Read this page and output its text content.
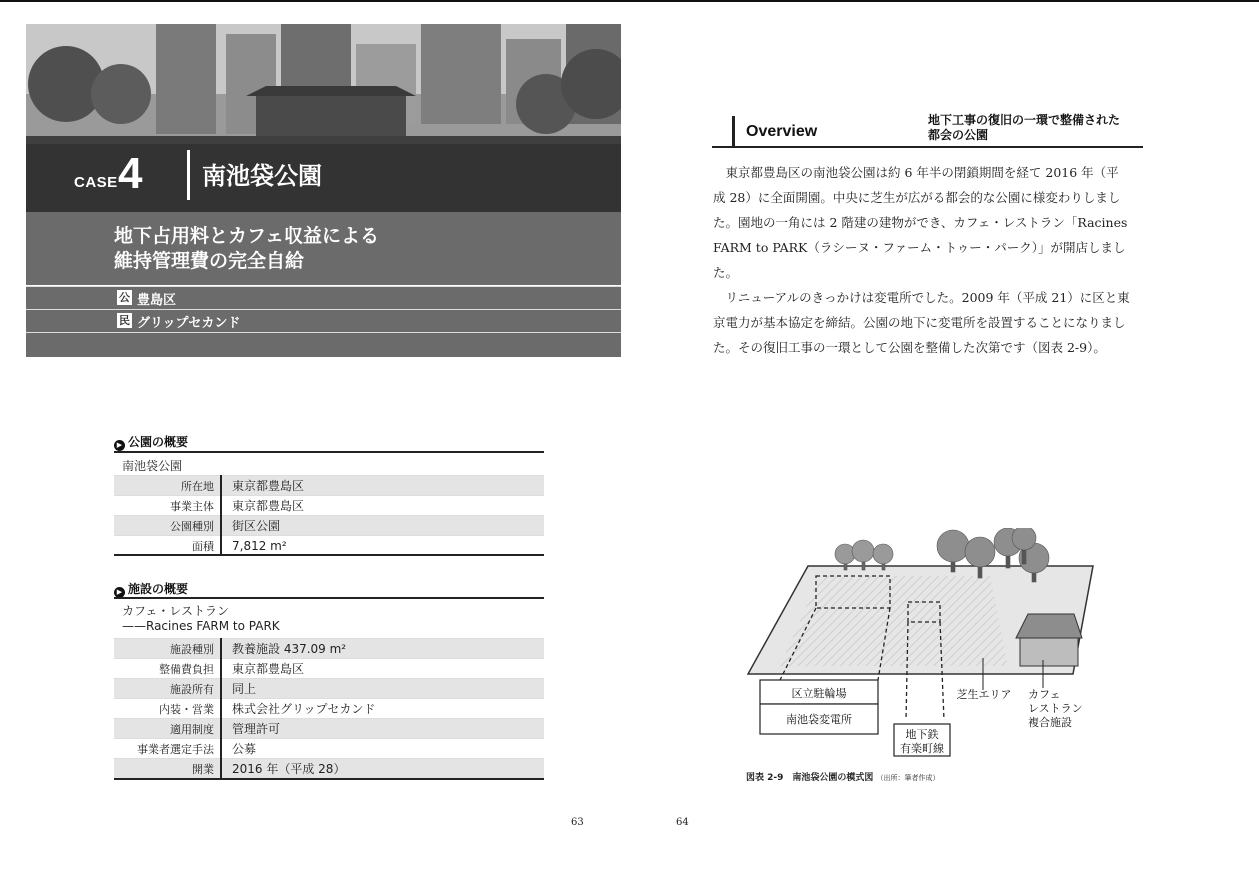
CASE 4 南池袋公園
地下占用料とカフェ収益による
維持管理費の完全自給
公 豊島区
民 グリップセカンド
▶ 公園の概要
南池袋公園
所在地	東京都豊島区
事業主体	東京都豊島区
公園種別	街区公園
面積	7,812 m²
▶ 施設の概要
カフェ・レストラン
——Racines FARM to PARK
施設種別	教養施設 437.09 m²
整備費負担	東京都豊島区
施設所有	同上
内装・営業	株式会社グリップセカンド
適用制度	管理許可
事業者選定手法	公募
開業	2016 年（平成 28）
63	64
Overview
地下工事の復旧の一環で整備された
都会の公園
　東京都豊島区の南池袋公園は約 6 年半の閉鎖期間を経て 2016 年（平
成 28）に全面開園。中央に芝生が広がる都会的な公園に様変わりしまし
た。園地の一角には 2 階建の建物ができ、カフェ・レストラン「Racines
FARM to PARK（ラシーヌ・ファーム・トゥー・パーク）」が開店しまし
た。
　リニューアルのきっかけは変電所でした。2009 年（平成 21）に区と東
京電力が基本協定を締結。公園の地下に変電所を設置することになりまし
た。その復旧工事の一環として公園を整備した次第です（図表 2-9）。
区立駐輪場
南池袋変電所
地下鉄
有楽町線
芝生エリア カフェ
レストラン
複合施設
図表 2-9　南池袋公園の模式図 （出所：筆者作成）
